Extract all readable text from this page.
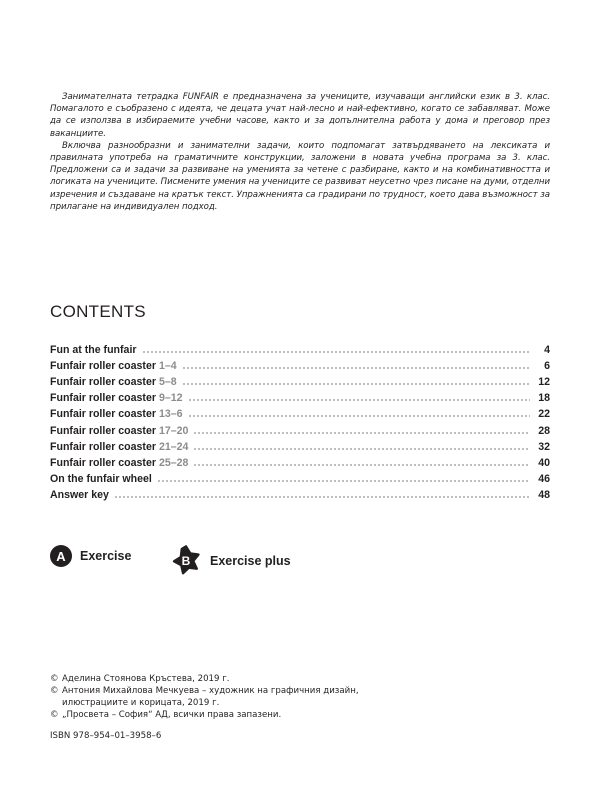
Занимателната тетрадка FUNFAIR е предназначена за учениците, изучаващи английски език в 3. клас. Помагалото е съобразено с идеята, че децата учат най-лесно и най-ефективно, когато се забавляват. Може да се използва в избираемите учебни часове, както и за допълнителна работа у дома и преговор през ваканциите.

Включва разнообразни и занимателни задачи, които подпомагат затвърдяването на лексиката и правилната употреба на граматичните конструкции, заложени в новата учебна програма за 3. клас. Предложени са и задачи за развиване на уменията за четене с разбиране, както и на комбинативността и логиката на учениците. Писмените умения на учениците се развиват неусетно чрез писане на думи, отделни изречения и създаване на кратък текст. Упражненията са градирани по трудност, което дава възможност за прилагане на индивидуален подход.

CONTENTS
Fun at the funfair	4
Funfair roller coaster 1–4	6
Funfair roller coaster 5–8	12
Funfair roller coaster 9–12	18
Funfair roller coaster 13–6	22
Funfair roller coaster 17–20	28
Funfair roller coaster 21–24	32
Funfair roller coaster 25–28	40
On the funfair wheel	46
Answer key	48
A	Exercise	B	Exercise plus
© Аделина Стоянова Кръстева, 2019 г.
© Антония Михайлова Мечкуева – художник на графичния дизайн,
илюстрациите и корицата, 2019 г.
© „Просвета – София“ АД, всички права запазени.
ISBN 978–954–01–3958–6
